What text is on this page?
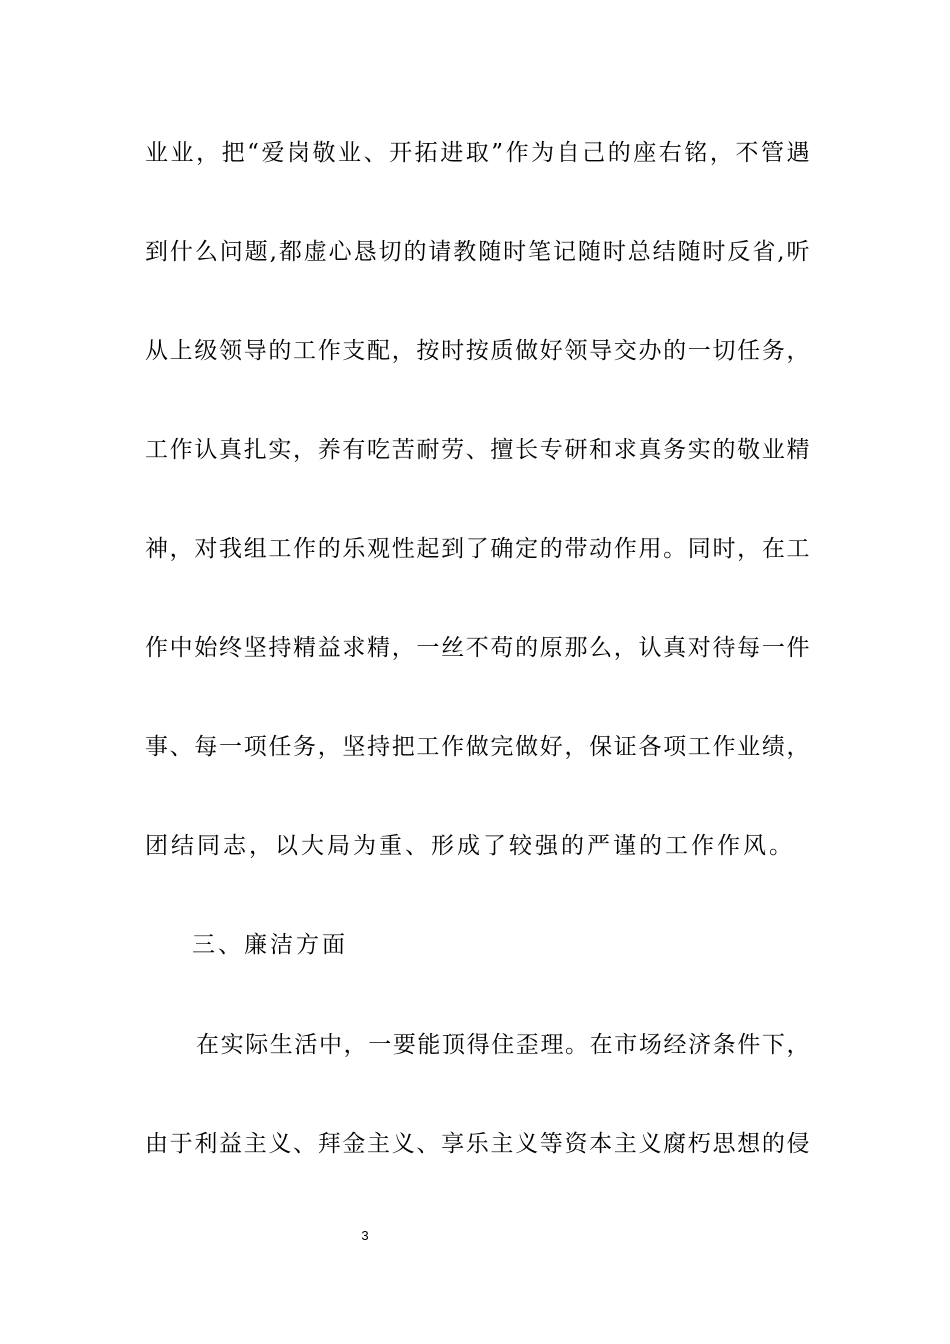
业业，把“爱岗敬业、开拓进取”作为自己的座右铭，不管遇
到什么问题,都虚心恳切的请教随时笔记随时总结随时反省,听
从上级领导的工作支配，按时按质做好领导交办的一切任务，
工作认真扎实，养有吃苦耐劳、擅长专研和求真务实的敬业精
神，对我组工作的乐观性起到了确定的带动作用。同时，在工
作中始终坚持精益求精，一丝不苟的原那么，认真对待每一件
事、每一项任务，坚持把工作做完做好，保证各项工作业绩，
团结同志，以大局为重、形成了较强的严谨的工作作风。
三、廉洁方面
在实际生活中，一要能顶得住歪理。在市场经济条件下，
由于利益主义、拜金主义、享乐主义等资本主义腐朽思想的侵
3
